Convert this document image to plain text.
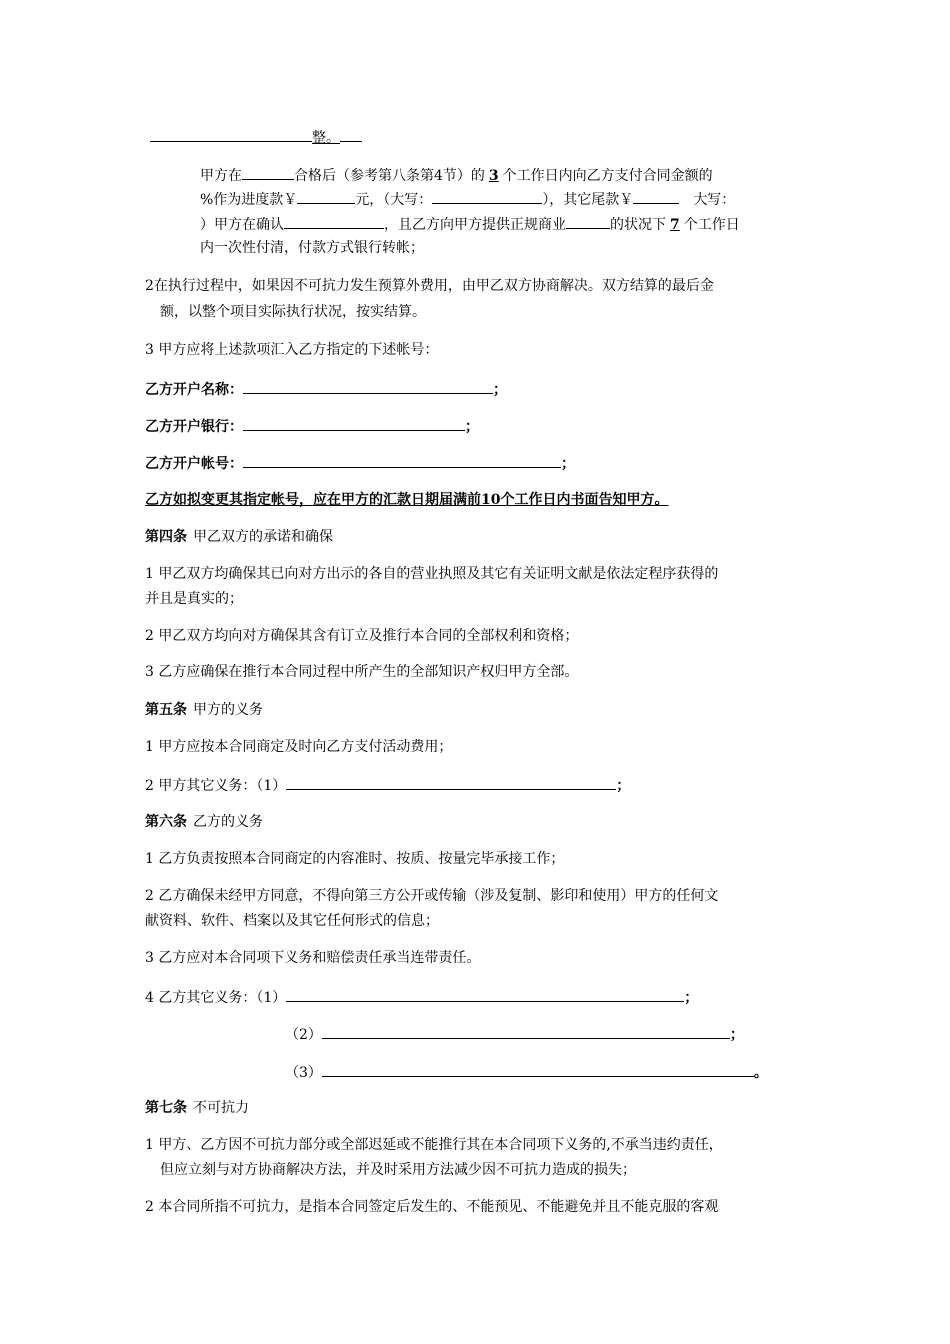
整。
甲方在	合格后（参考第八条第4节）的 3 个工作日内向乙方支付合同金额的
%作为进度款￥	元，（大写：	），其它尾款￥	大写：
）甲方在确认	，且乙方向甲方提供正规商业	的状况下 7 个工作日
内一次性付清，付款方式银行转帐；
2在执行过程中，如果因不可抗力发生预算外费用，由甲乙双方协商解决。双方结算的最后金
额，以整个项目实际执行状况，按实结算。
3 甲方应将上述款项汇入乙方指定的下述帐号：
乙方开户名称：	；
乙方开户银行：	；
乙方开户帐号：	；
乙方如拟变更其指定帐号，应在甲方的汇款日期届满前10个工作日内书面告知甲方。
第四条 甲乙双方的承诺和确保
1 甲乙双方均确保其已向对方出示的各自的营业执照及其它有关证明文献是依法定程序获得的
并且是真实的；
2 甲乙双方均向对方确保其含有订立及推行本合同的全部权利和资格；
3 乙方应确保在推行本合同过程中所产生的全部知识产权归甲方全部。
第五条 甲方的义务
1 甲方应按本合同商定及时向乙方支付活动费用；
2 甲方其它义务：（1）	；
第六条 乙方的义务
1 乙方负责按照本合同商定的内容准时、按质、按量完毕承接工作；
2 乙方确保未经甲方同意，不得向第三方公开或传输（涉及复制、影印和使用）甲方的任何文
献资料、软件、档案以及其它任何形式的信息；
3 乙方应对本合同项下义务和赔偿责任承当连带责任。
4 乙方其它义务：（1）	；
（2）	；
（3）	。
第七条 不可抗力
1 甲方、乙方因不可抗力部分或全部迟延或不能推行其在本合同项下义务的,不承当违约责任，
但应立刻与对方协商解决方法，并及时采用方法减少因不可抗力造成的损失；
2 本合同所指不可抗力，是指本合同签定后发生的、不能预见、不能避免并且不能克服的客观
